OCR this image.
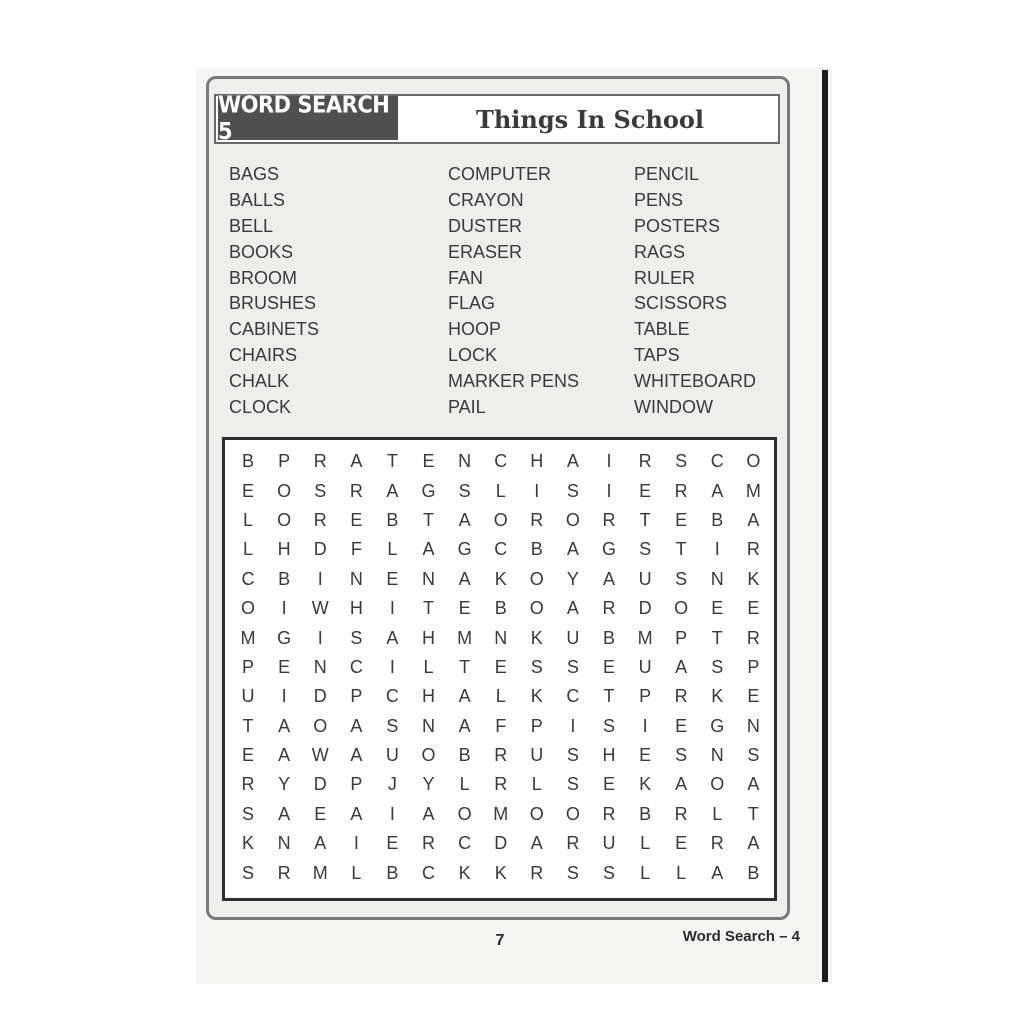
WORD SEARCH 5	Things In School
BAGS
BALLS
BELL
BOOKS
BROOM
BRUSHES
CABINETS
CHAIRS
CHALK
CLOCK
COMPUTER
CRAYON
DUSTER
ERASER
FAN
FLAG
HOOP
LOCK
MARKER PENS
PAIL
PENCIL
PENS
POSTERS
RAGS
RULER
SCISSORS
TABLE
TAPS
WHITEBOARD
WINDOW
B	P	R	A	T	E	N	C	H	A	I	R	S	C	O
E	O	S	R	A	G	S	L	I	S	I	E	R	A	M
L	O	R	E	B	T	A	O	R	O	R	T	E	B	A
L	H	D	F	L	A	G	C	B	A	G	S	T	I	R
C	B	I	N	E	N	A	K	O	Y	A	U	S	N	K
O	I	W	H	I	T	E	B	O	A	R	D	O	E	E
M	G	I	S	A	H	M	N	K	U	B	M	P	T	R
P	E	N	C	I	L	T	E	S	S	E	U	A	S	P
U	I	D	P	C	H	A	L	K	C	T	P	R	K	E
T	A	O	A	S	N	A	F	P	I	S	I	E	G	N
E	A	W	A	U	O	B	R	U	S	H	E	S	N	S
R	Y	D	P	J	Y	L	R	L	S	E	K	A	O	A
S	A	E	A	I	A	O	M	O	O	R	B	R	L	T
K	N	A	I	E	R	C	D	A	R	U	L	E	R	A
S	R	M	L	B	C	K	K	R	S	S	L	L	A	B
7	Word Search – 4
